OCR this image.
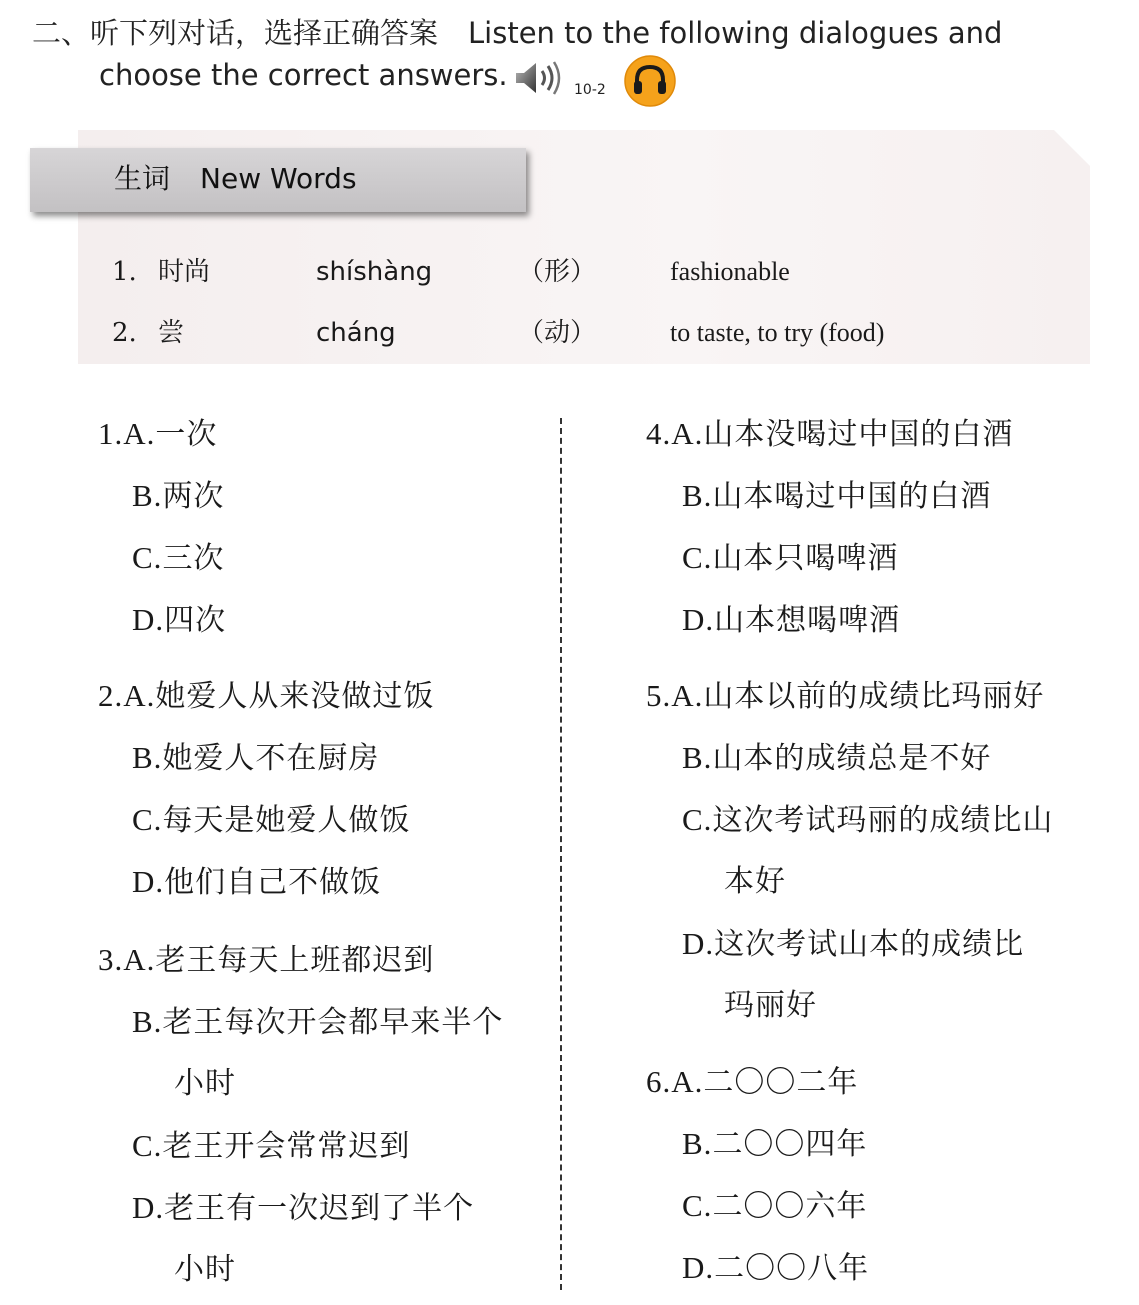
二、听下列对话，选择正确答案 Listen to the following dialogues and
choose the correct answers.	10-2
生词 New Words
1. 时尚	shíshàng	（形）	fashionable
2. 尝	cháng	（动）	to taste, to try (food)
1.A.一次
B.两次
C.三次
D.四次
2.A.她爱人从来没做过饭
B.她爱人不在厨房
C.每天是她爱人做饭
D.他们自己不做饭
3.A.老王每天上班都迟到
B.老王每次开会都早来半个
小时
C.老王开会常常迟到
D.老王有一次迟到了半个
小时
4.A.山本没喝过中国的白酒
B.山本喝过中国的白酒
C.山本只喝啤酒
D.山本想喝啤酒
5.A.山本以前的成绩比玛丽好
B.山本的成绩总是不好
C.这次考试玛丽的成绩比山
本好
D.这次考试山本的成绩比
玛丽好
6.A.二〇〇二年
B.二〇〇四年
C.二〇〇六年
D.二〇〇八年
